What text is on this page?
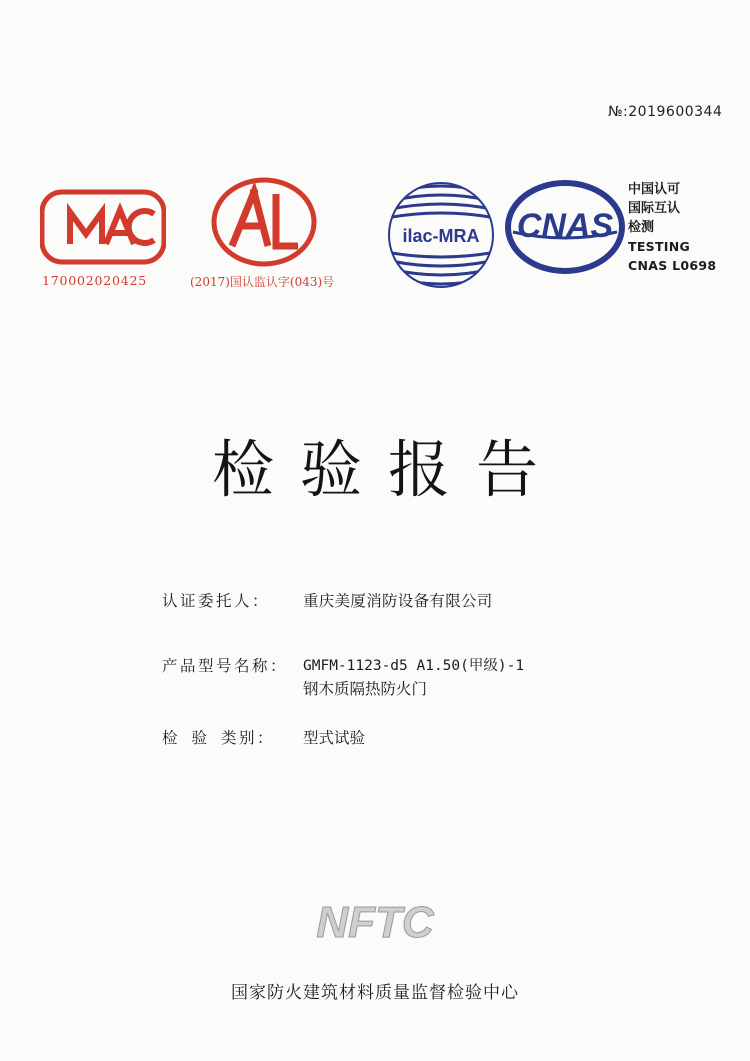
№:2019600344
170002020425	(2017)国认监认字(043)号
ilac-MRA CNAS
中国认可
国际互认
检测
TESTING
CNAS L0698
检验报告
认证委托人： 重庆美厦消防设备有限公司
产品型号名称： GMFM-1123-d5 A1.50(甲级)-1
钢木质隔热防火门
检验类别： 型式试验
NFTC
国家防火建筑材料质量监督检验中心
